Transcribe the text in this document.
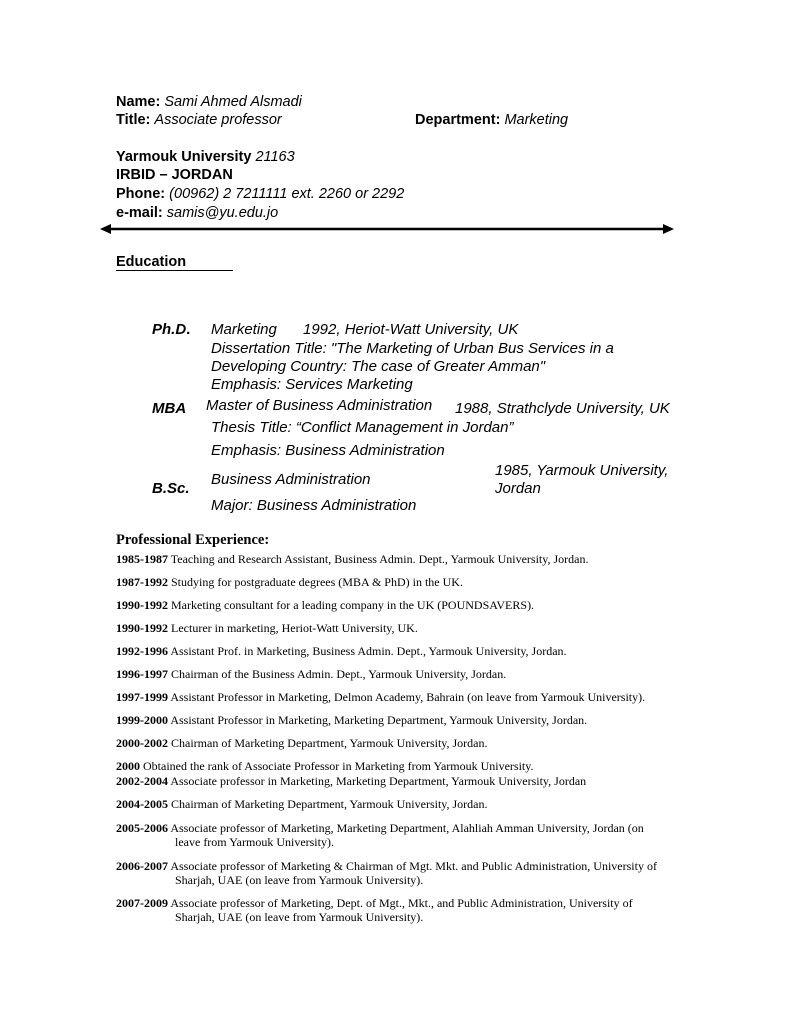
Name: Sami Ahmed Alsmadi
Title: Associate professor	Department: Marketing
Yarmouk University 21163
IRBID – JORDAN
Phone: (00962) 2 7211111 ext. 2260 or 2292
e-mail: samis@yu.edu.jo
Education
Ph.D. Marketing 1992, Heriot-Watt University, UK
Dissertation Title: "The Marketing of Urban Bus Services in a
Developing Country: The case of Greater Amman"
Emphasis: Services Marketing
MBA Master of Business Administration 1988, Strathclyde University, UK
Thesis Title: “Conflict Management in Jordan”
Emphasis: Business Administration
B.Sc.
Business Administration
1985, Yarmouk University,
Jordan
Major: Business Administration
Professional Experience:
1985-1987 Teaching and Research Assistant, Business Admin. Dept., Yarmouk University, Jordan.
1987-1992 Studying for postgraduate degrees (MBA & PhD) in the UK.
1990-1992 Marketing consultant for a leading company in the UK (POUNDSAVERS).
1990-1992 Lecturer in marketing, Heriot-Watt University, UK.
1992-1996 Assistant Prof. in Marketing, Business Admin. Dept., Yarmouk University, Jordan.
1996-1997 Chairman of the Business Admin. Dept., Yarmouk University, Jordan.
1997-1999 Assistant Professor in Marketing, Delmon Academy, Bahrain (on leave from Yarmouk University).
1999-2000 Assistant Professor in Marketing, Marketing Department, Yarmouk University, Jordan.
2000-2002 Chairman of Marketing Department, Yarmouk University, Jordan.
2000 Obtained the rank of Associate Professor in Marketing from Yarmouk University.
2002-2004 Associate professor in Marketing, Marketing Department, Yarmouk University, Jordan
2004-2005 Chairman of Marketing Department, Yarmouk University, Jordan.
2005-2006 Associate professor of Marketing, Marketing Department, Alahliah Amman University, Jordan (on
leave from Yarmouk University).
2006-2007 Associate professor of Marketing & Chairman of Mgt. Mkt. and Public Administration, University of
Sharjah, UAE (on leave from Yarmouk University).
2007-2009 Associate professor of Marketing, Dept. of Mgt., Mkt., and Public Administration, University of
Sharjah, UAE (on leave from Yarmouk University).
